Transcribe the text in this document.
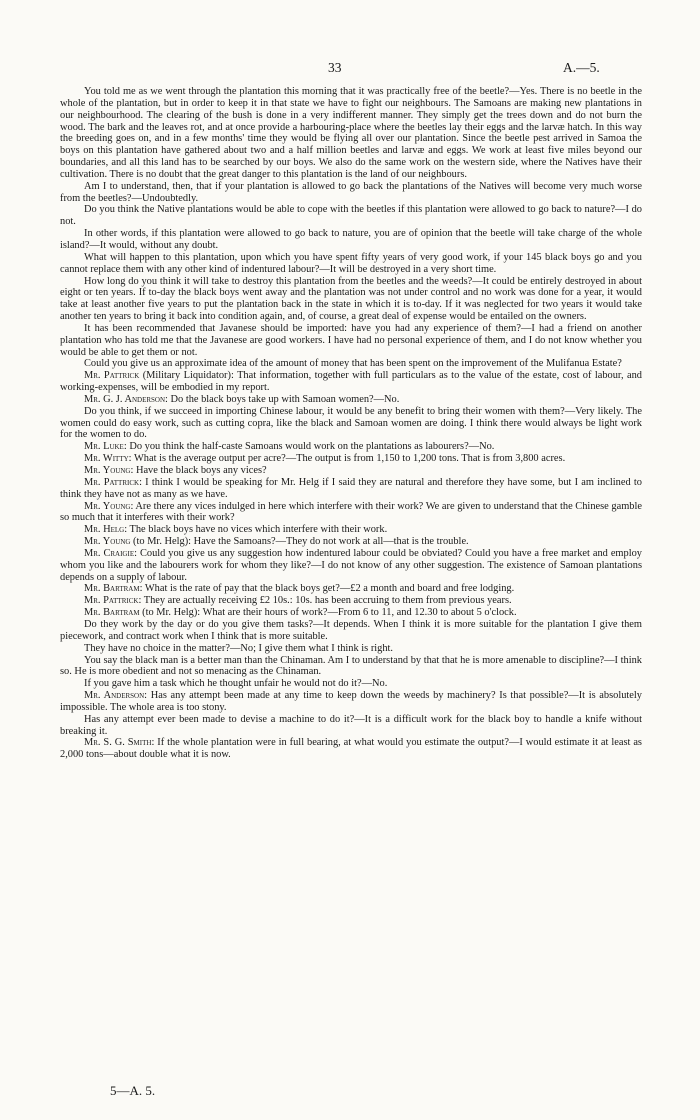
33	A.—5.

You told me as we went through the plantation this morning that it was practically free of the beetle?—Yes. There is no beetle in the whole of the plantation, but in order to keep it in that state we have to fight our neighbours. The Samoans are making new plantations in our neighbourhood. The clearing of the bush is done in a very indifferent manner. They simply get the trees down and do not burn the wood. The bark and the leaves rot, and at once provide a harbouring-place where the beetles lay their eggs and the larvæ hatch. In this way the breeding goes on, and in a few months' time they would be flying all over our plantation. Since the beetle pest arrived in Samoa the boys on this plantation have gathered about two and a half million beetles and larvæ and eggs. We work at least five miles beyond our boundaries, and all this land has to be searched by our boys. We also do the same work on the western side, where the Natives have their cultivation. There is no doubt that the great danger to this plantation is the land of our neighbours.

Am I to understand, then, that if your plantation is allowed to go back the plantations of the Natives will become very much worse from the beetles?—Undoubtedly.

Do you think the Native plantations would be able to cope with the beetles if this plantation were allowed to go back to nature?—I do not.

In other words, if this plantation were allowed to go back to nature, you are of opinion that the beetle will take charge of the whole island?—It would, without any doubt.

What will happen to this plantation, upon which you have spent fifty years of very good work, if your 145 black boys go and you cannot replace them with any other kind of indentured labour?—It will be destroyed in a very short time.

How long do you think it will take to destroy this plantation from the beetles and the weeds?—It could be entirely destroyed in about eight or ten years. If to-day the black boys went away and the plantation was not under control and no work was done for a year, it would take at least another five years to put the plantation back in the state in which it is to-day. If it was neglected for two years it would take another ten years to bring it back into condition again, and, of course, a great deal of expense would be entailed on the owners.

It has been recommended that Javanese should be imported: have you had any experience of them?—I had a friend on another plantation who has told me that the Javanese are good workers. I have had no personal experience of them, and I do not know whether you would be able to get them or not.

Could you give us an approximate idea of the amount of money that has been spent on the improvement of the Mulifanua Estate?

Mr. Pattrick (Military Liquidator): That information, together with full particulars as to the value of the estate, cost of labour, and working-expenses, will be embodied in my report.

Mr. G. J. Anderson: Do the black boys take up with Samoan women?—No.

Do you think, if we succeed in importing Chinese labour, it would be any benefit to bring their women with them?—Very likely. The women could do easy work, such as cutting copra, like the black and Samoan women are doing. I think there would always be light work for the women to do.

Mr. Luke: Do you think the half-caste Samoans would work on the plantations as labourers?—No.

Mr. Witty: What is the average output per acre?—The output is from 1,150 to 1,200 tons. That is from 3,800 acres.

Mr. Young: Have the black boys any vices?

Mr. Pattrick: I think I would be speaking for Mr. Helg if I said they are natural and therefore they have some, but I am inclined to think they have not as many as we have.

Mr. Young: Are there any vices indulged in here which interfere with their work? We are given to understand that the Chinese gamble so much that it interferes with their work?

Mr. Helg: The black boys have no vices which interfere with their work.

Mr. Young (to Mr. Helg): Have the Samoans?—They do not work at all—that is the trouble.

Mr. Craigie: Could you give us any suggestion how indentured labour could be obviated? Could you have a free market and employ whom you like and the labourers work for whom they like?—I do not know of any other suggestion. The existence of Samoan plantations depends on a supply of labour.

Mr. Bartram: What is the rate of pay that the black boys get?—£2 a month and board and free lodging.

Mr. Pattrick: They are actually receiving £2 10s.: 10s. has been accruing to them from previous years.

Mr. Bartram (to Mr. Helg): What are their hours of work?—From 6 to 11, and 12.30 to about 5 o'clock.

Do they work by the day or do you give them tasks?—It depends. When I think it is more suitable for the plantation I give them piecework, and contract work when I think that is more suitable.

They have no choice in the matter?—No; I give them what I think is right.

You say the black man is a better man than the Chinaman. Am I to understand by that that he is more amenable to discipline?—I think so. He is more obedient and not so menacing as the Chinaman.

If you gave him a task which he thought unfair he would not do it?—No.

Mr. Anderson: Has any attempt been made at any time to keep down the weeds by machinery? Is that possible?—It is absolutely impossible. The whole area is too stony.

Has any attempt ever been made to devise a machine to do it?—It is a difficult work for the black boy to handle a knife without breaking it.

Mr. S. G. Smith: If the whole plantation were in full bearing, at what would you estimate the output?—I would estimate it at least as 2,000 tons—about double what it is now.

5—A. 5.
